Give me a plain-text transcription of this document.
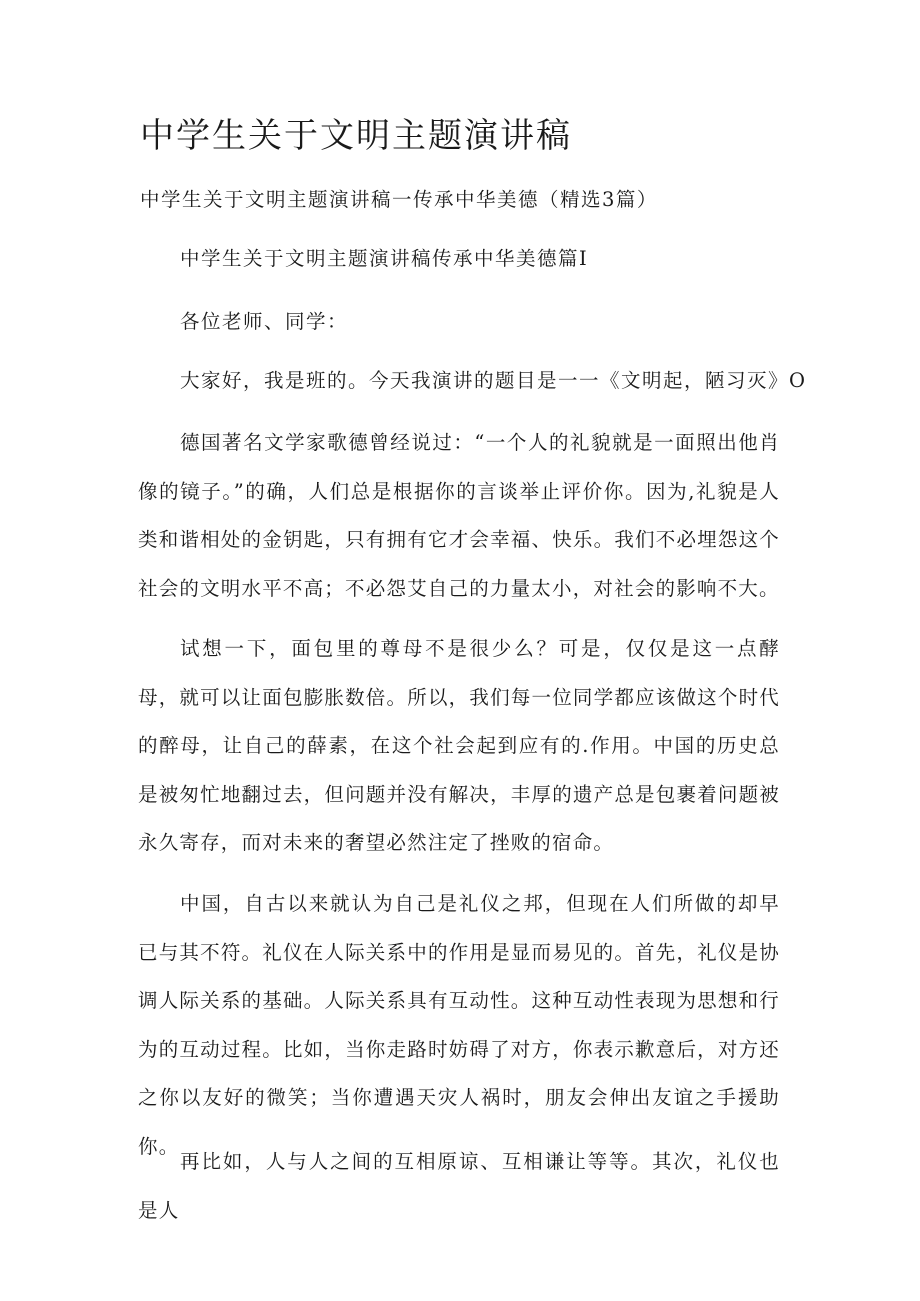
中学生关于文明主题演讲稿
中学生关于文明主题演讲稿一传承中华美德（精选3篇）
中学生关于文明主题演讲稿传承中华美德篇I

各位老师、同学：

大家好，我是班的。今天我演讲的题目是一一《文明起，陋习灭》O

德国著名文学家歌德曾经说过：“一个人的礼貌就是一面照出他肖像的镜子。”的确，人们总是根据你的言谈举止评价你。因为,礼貌是人类和谐相处的金钥匙，只有拥有它才会幸福、快乐。我们不必埋怨这个社会的文明水平不高；不必怨艾自己的力量太小，对社会的影响不大。

试想一下，面包里的尊母不是很少么？可是，仅仅是这一点酵母，就可以让面包膨胀数倍。所以，我们每一位同学都应该做这个时代的醉母，让自己的薛素，在这个社会起到应有的.作用。中国的历史总是被匆忙地翻过去，但问题并没有解决，丰厚的遗产总是包裹着问题被永久寄存，而对未来的奢望必然注定了挫败的宿命。

中国，自古以来就认为自己是礼仪之邦，但现在人们所做的却早已与其不符。礼仪在人际关系中的作用是显而易见的。首先，礼仪是协调人际关系的基础。人际关系具有互动性。这种互动性表现为思想和行为的互动过程。比如，当你走路时妨碍了对方，你表示歉意后，对方还之你以友好的微笑；当你遭遇天灾人祸时，朋友会伸出友谊之手援助你。

再比如，人与人之间的互相原谅、互相谦让等等。其次，礼仪也是人
